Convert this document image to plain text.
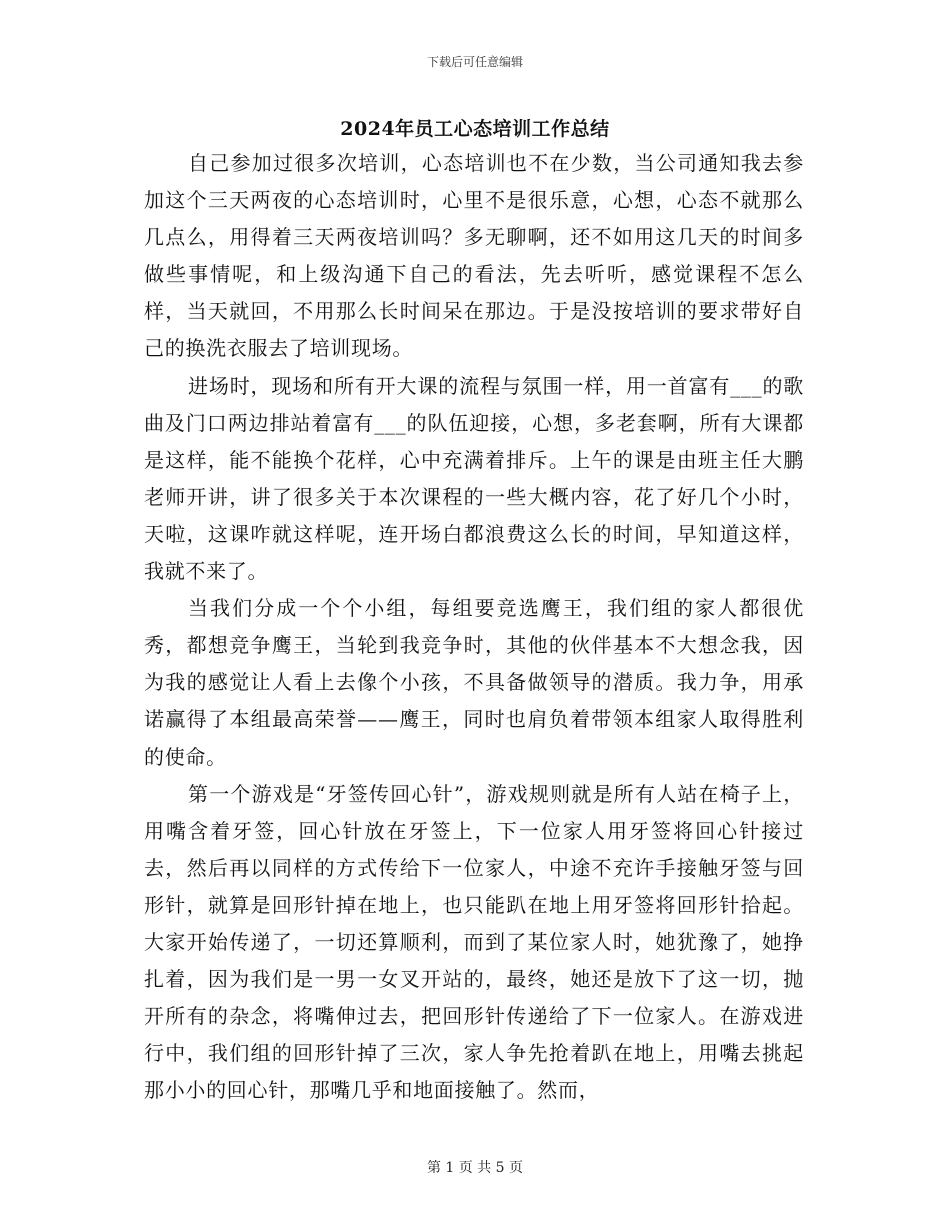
下载后可任意编辑
2024年员工心态培训工作总结

自己参加过很多次培训，心态培训也不在少数，当公司通知我去参加这个三天两夜的心态培训时，心里不是很乐意，心想，心态不就那么几点么，用得着三天两夜培训吗？多无聊啊，还不如用这几天的时间多做些事情呢，和上级沟通下自己的看法，先去听听，感觉课程不怎么样，当天就回，不用那么长时间呆在那边。于是没按培训的要求带好自己的换洗衣服去了培训现场。

进场时，现场和所有开大课的流程与氛围一样，用一首富有___的歌曲及门口两边排站着富有___的队伍迎接，心想，多老套啊，所有大课都是这样，能不能换个花样，心中充满着排斥。上午的课是由班主任大鹏老师开讲，讲了很多关于本次课程的一些大概内容，花了好几个小时，天啦，这课咋就这样呢，连开场白都浪费这么长的时间，早知道这样，我就不来了。

当我们分成一个个小组，每组要竞选鹰王，我们组的家人都很优秀，都想竞争鹰王，当轮到我竞争时，其他的伙伴基本不大想念我，因为我的感觉让人看上去像个小孩，不具备做领导的潜质。我力争，用承诺赢得了本组最高荣誉——鹰王，同时也肩负着带领本组家人取得胜利的使命。

第一个游戏是“牙签传回心针”，游戏规则就是所有人站在椅子上，用嘴含着牙签，回心针放在牙签上，下一位家人用牙签将回心针接过去，然后再以同样的方式传给下一位家人，中途不充许手接触牙签与回形针，就算是回形针掉在地上，也只能趴在地上用牙签将回形针拾起。大家开始传递了，一切还算顺利，而到了某位家人时，她犹豫了，她挣扎着，因为我们是一男一女叉开站的，最终，她还是放下了这一切，抛开所有的杂念，将嘴伸过去，把回形针传递给了下一位家人。在游戏进行中，我们组的回形针掉了三次，家人争先抢着趴在地上，用嘴去挑起那小小的回心针，那嘴几乎和地面接触了。然而，

第 1 页 共 5 页
